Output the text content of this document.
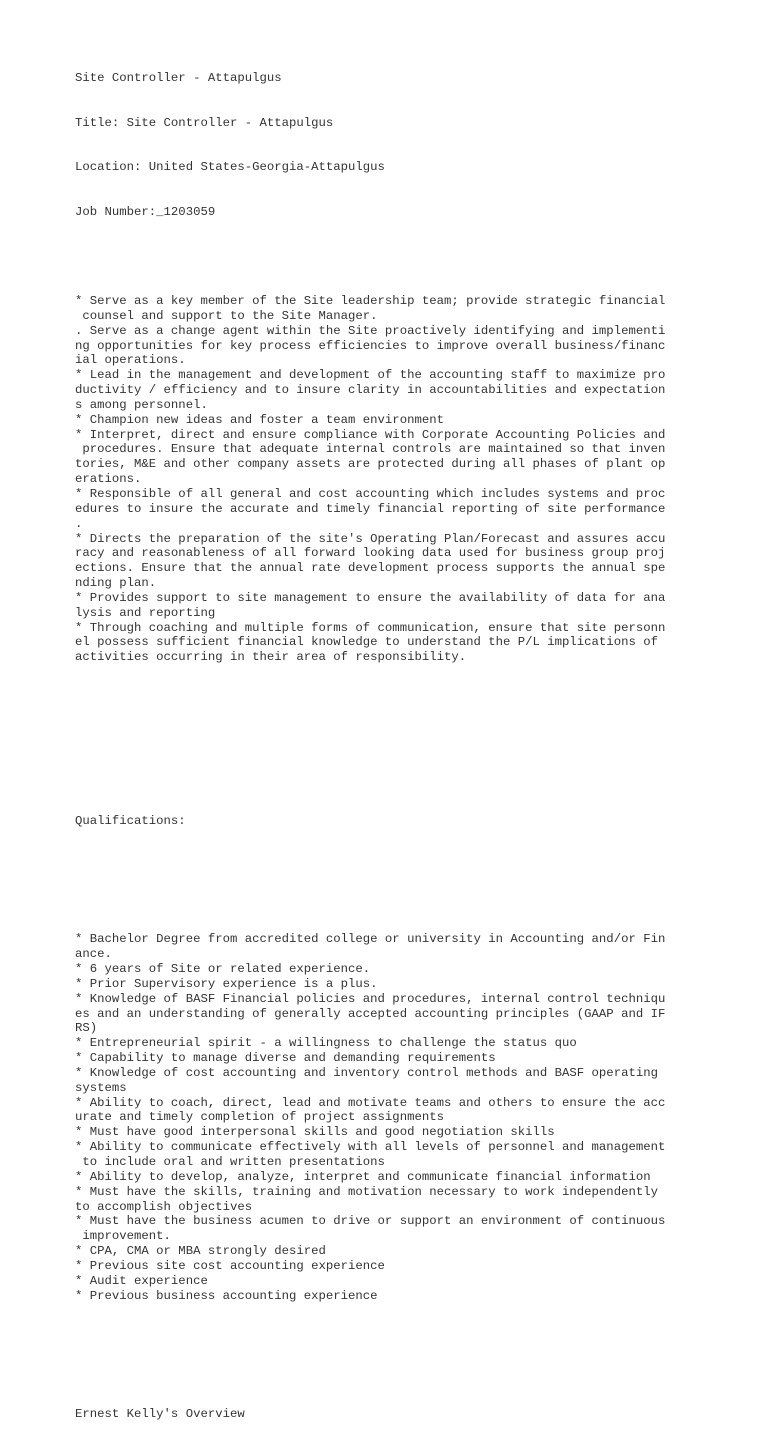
Site Controller - Attapulgus

Title: Site Controller - Attapulgus

Location: United States-Georgia-Attapulgus

Job Number:_1203059

* Serve as a key member of the Site leadership team; provide strategic financial
counsel and support to the Site Manager.
. Serve as a change agent within the Site proactively identifying and implementi
ng opportunities for key process efficiencies to improve overall business/financ
ial operations.
* Lead in the management and development of the accounting staff to maximize pro
ductivity / efficiency and to insure clarity in accountabilities and expectation
s among personnel.
* Champion new ideas and foster a team environment
* Interpret, direct and ensure compliance with Corporate Accounting Policies and
procedures. Ensure that adequate internal controls are maintained so that inven
tories, M&E and other company assets are protected during all phases of plant op
erations.
* Responsible of all general and cost accounting which includes systems and proc
edures to insure the accurate and timely financial reporting of site performance
.
* Directs the preparation of the site's Operating Plan/Forecast and assures accu
racy and reasonableness of all forward looking data used for business group proj
ections. Ensure that the annual rate development process supports the annual spe
nding plan.
* Provides support to site management to ensure the availability of data for ana
lysis and reporting
* Through coaching and multiple forms of communication, ensure that site personn
el possess sufficient financial knowledge to understand the P/L implications of
activities occurring in their area of responsibility.

Qualifications:

* Bachelor Degree from accredited college or university in Accounting and/or Fin
ance.
* 6 years of Site or related experience.
* Prior Supervisory experience is a plus.
* Knowledge of BASF Financial policies and procedures, internal control techniqu
es and an understanding of generally accepted accounting principles (GAAP and IF
RS)
* Entrepreneurial spirit - a willingness to challenge the status quo
* Capability to manage diverse and demanding requirements
* Knowledge of cost accounting and inventory control methods and BASF operating
systems
* Ability to coach, direct, lead and motivate teams and others to ensure the acc
urate and timely completion of project assignments
* Must have good interpersonal skills and good negotiation skills
* Ability to communicate effectively with all levels of personnel and management
to include oral and written presentations
* Ability to develop, analyze, interpret and communicate financial information
* Must have the skills, training and motivation necessary to work independently
to accomplish objectives
* Must have the business acumen to drive or support an environment of continuous
improvement.
* CPA, CMA or MBA strongly desired
* Previous site cost accounting experience
* Audit experience
* Previous business accounting experience

Ernest Kelly's Overview
